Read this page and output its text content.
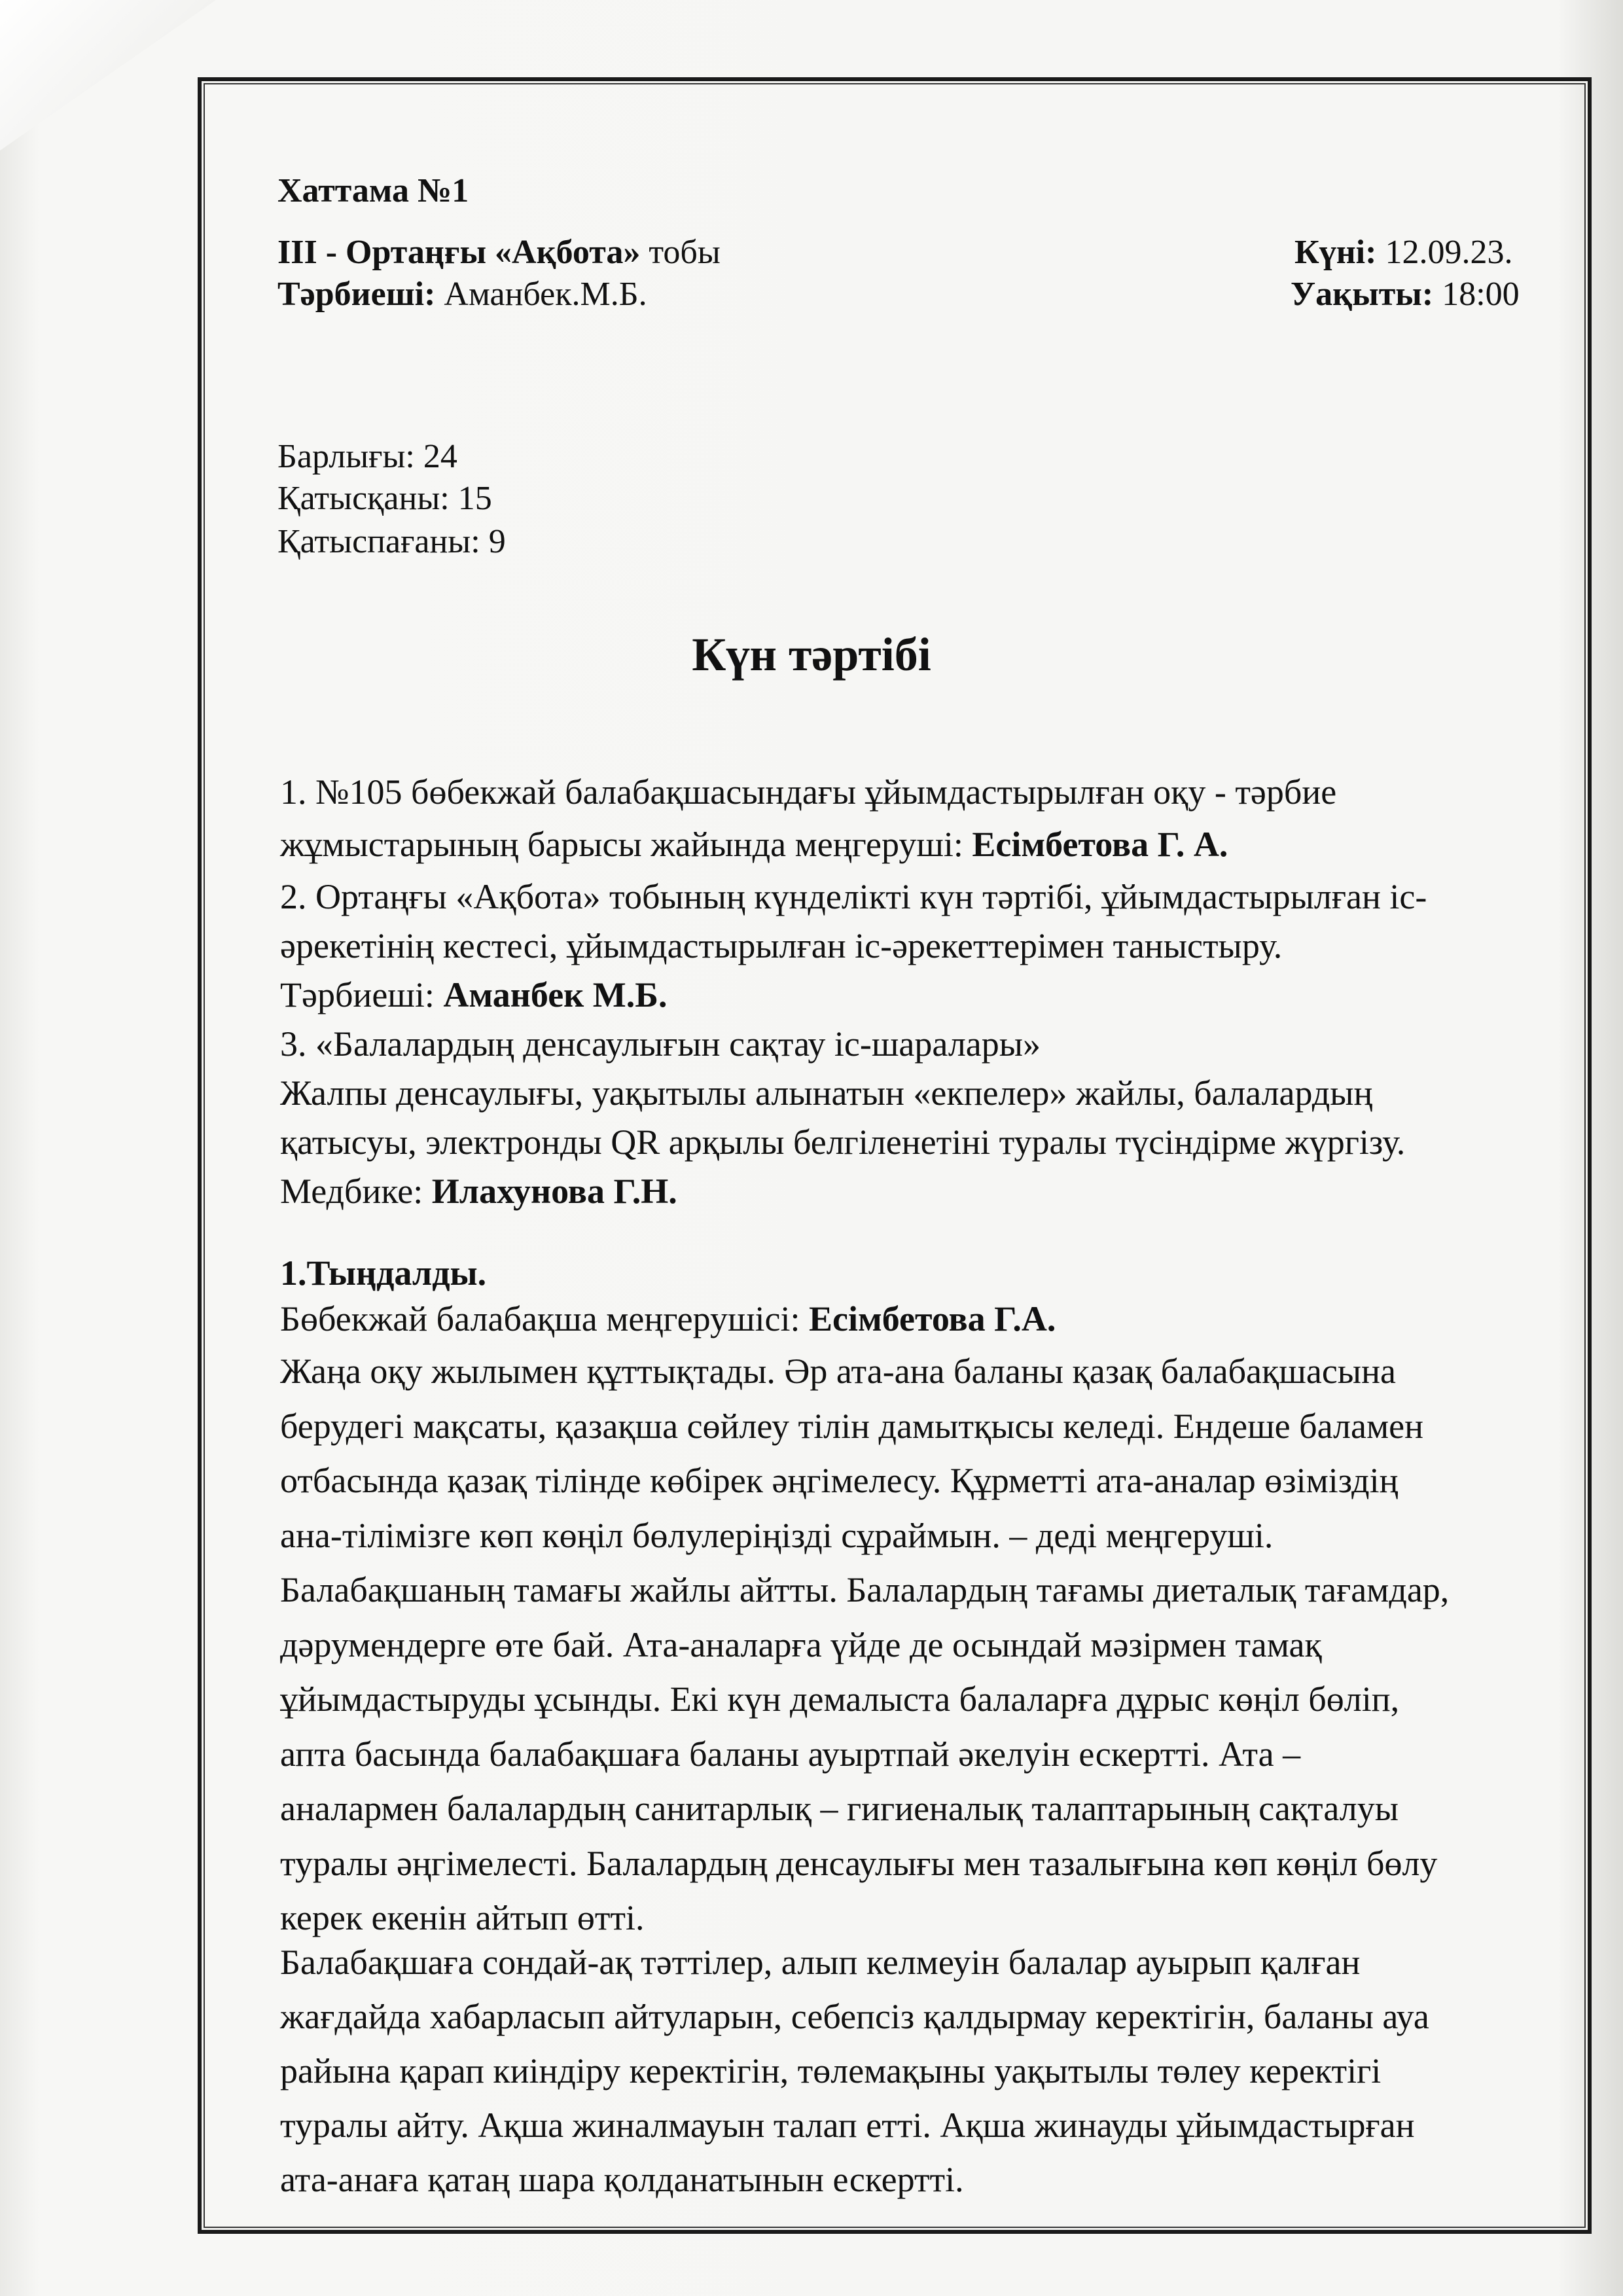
Хаттама №1
III - Ортаңғы «Ақбота» тобы	Күні: 12.09.23.
Тәрбиеші: Аманбек.М.Б.	Уақыты: 18:00
Барлығы: 24
Қатысқаны: 15
Қатыспағаны: 9
Күн тәртібі
1. №105 бөбекжай балабақшасындағы ұйымдастырылған оқу - тәрбие
жұмыстарының барысы жайында меңгеруші: Есімбетова Г. А.
2. Ортаңғы «Ақбота» тобының күнделікті күн тәртібі, ұйымдастырылған іс-
әрекетінің кестесі, ұйымдастырылған іс-әрекеттерімен таныстыру.
Тәрбиеші: Аманбек М.Б.
3. «Балалардың денсаулығын сақтау іс-шаралары»
Жалпы денсаулығы, уақытылы алынатын «екпелер» жайлы, балалардың
қатысуы, электронды QR арқылы белгіленетіні туралы түсіндірме жүргізу.
Медбике: Илахунова Г.Н.
1.Тыңдалды.
Бөбекжай балабақша меңгерушісі: Есімбетова Г.А.
Жаңа оқу жылымен құттықтады. Әр ата-ана баланы қазақ балабақшасына
берудегі мақсаты, қазақша сөйлеу тілін дамытқысы келеді. Ендеше баламен
отбасында қазақ тілінде көбірек әңгімелесу. Құрметті ата-аналар өзіміздің
ана-тілімізге көп көңіл бөлулеріңізді сұраймын. – деді меңгеруші.
Балабақшаның тамағы жайлы айтты. Балалардың тағамы диеталық тағамдар,
дәрумендерге өте бай. Ата-аналарға үйде де осындай мәзірмен тамақ
ұйымдастыруды ұсынды. Екі күн демалыста балаларға дұрыс көңіл бөліп,
апта басында балабақшаға баланы ауыртпай әкелуін ескертті. Ата –
аналармен балалардың санитарлық – гигиеналық талаптарының сақталуы
туралы әңгімелесті. Балалардың денсаулығы мен тазалығына көп көңіл бөлу
керек екенін айтып өтті.
Балабақшаға сондай-ақ тәттілер, алып келмеуін балалар ауырып қалған
жағдайда хабарласып айтуларын, себепсіз қалдырмау керектігін, баланы ауа
райына қарап киіндіру керектігін, төлемақыны уақытылы төлеу керектігі
туралы айту. Ақша жиналмауын талап етті. Ақша жинауды ұйымдастырған
ата-анаға қатаң шара қолданатынын ескертті.
